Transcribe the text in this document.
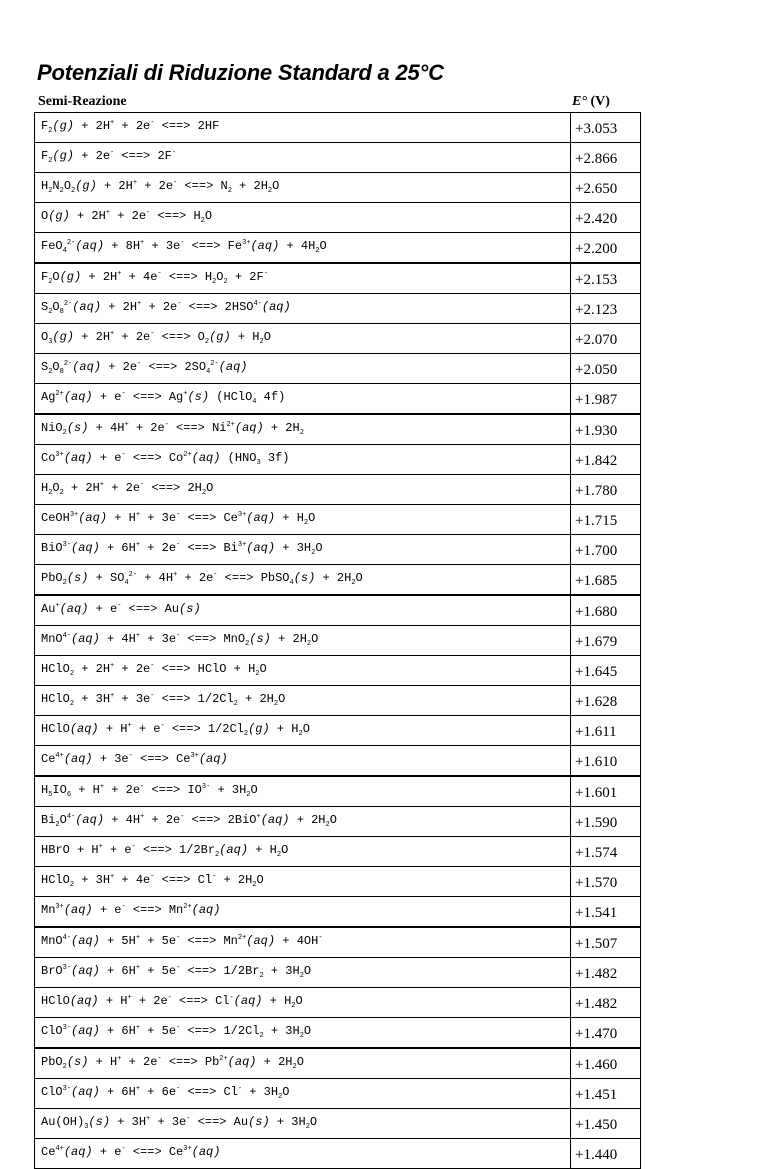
Potenziali di Riduzione Standard a 25°C
Semi-Reazione	E° (V)
$F_2(g) + 2H^+ + 2e^-$ <==> 2HF	+3.053
$F_2(g) + 2e^-$ <==> 2F-	+2.866
$H_2N_2O_2(g) + 2H^+ + 2e^-$ <==> $N_2 + 2H_2O$	+2.650
O(g) + 2H+ + 2e- <==> $H_2O$	+2.420
FeO$_4^{2-}$(aq) + 8H+ + 3e- <==> $Fe^{3+}(aq) + 4H_2O$	+2.200
$F_2O(g) + 2H^+ + 4e^-$ <==> $H_2O_2 + 2F^-$	+2.153
$S_2O_8^{2-}(aq) + 2H^+ + 2e^-$ <==> $2HSO^{4-}(aq)$	+2.123
$O_3(g) + 2H^+ + 2e^-$ <==> $O_2(g) + H_2O$	+2.070
$S_2O_8^{2-}(aq) + 2e^-$ <==> $2SO_4^{2-}(aq)$	+2.050
$Ag^{2+}(aq) + e^-$ <==> Ag+(s) (HClO$_4$ 4f)	+1.987
NiO$_2$(s) + 4H+ + 2e- <==> $Ni^{2+}(aq) + 2H_2$	+1.930
$Co^{3+}(aq) + e^-$ <==> $Co^{2+}(aq)$ ($HNO_3$ 3f)	+1.842
$H_2O_2 + 2H^+ + 2e^-$ <==> $2H_2O$	+1.780
CeOH$^{3+}$(aq) + H+ + 3e- <==> $Ce^{3+}(aq) + H_2O$	+1.715
BiO$^{3-}$(aq) + 6H+ + 2e- <==> $Bi^{3+}(aq) + 3H_2O$	+1.700
$PbO_2(s) + SO_4^{2-} + 4H^+ + 2e^-$ <==> PbSO$_4$(s) + $2H_2O$	+1.685
Au+(aq) + e- <==> Au(s)	+1.680
MnO$^{4-}$(aq) + 4H+ + 3e- <==> $MnO_2(s) + 2H_2O$	+1.679
HClO$_2$ + 2H+ + 2e- <==> HClO + $H_2O$	+1.645
HClO$_2$ + 3H+ + 3e- <==> $1/2Cl_2 + 2H_2O$	+1.628
HClO(aq) + H+ + e- <==> $1/2Cl_2(g) + H_2O$	+1.611
$Ce^{4+}(aq) + 3e^-$ <==> $Ce^{3+}(aq)$	+1.610
$H_5IO_6 + H^+ + 2e^-$ <==> $IO^{3-} + 3H_2O$	+1.601
$Bi_2O^{4-}(aq) + 4H^+ + 2e^-$ <==> $2BiO^+(aq) + 2H_2O$	+1.590
HBrO + H+ + e- <==> $1/2Br_2(aq) + H_2O$	+1.574
HClO$_2$ + 3H+ + 4e- <==> $Cl^- + 2H_2O$	+1.570
$Mn^{3+}(aq) + e^-$ <==> $Mn^{2+}(aq)$	+1.541
MnO$^{4-}$(aq) + 5H+ + 5e- <==> $Mn^{2+}(aq) + 4OH^-$	+1.507
BrO$^{3-}$(aq) + 6H+ + 5e- <==> $1/2Br_2 + 3H_2O$	+1.482
HClO(aq) + H+ + 2e- <==> $Cl^-(aq) + H_2O$	+1.482
ClO$^{3-}$(aq) + 6H+ + 5e- <==> $1/2Cl_2 + 3H_2O$	+1.470
PbO$_2$(s) + H+ + 2e- <==> $Pb^{2+}(aq) + 2H_2O$	+1.460
ClO$^{3-}$(aq) + 6H+ + 6e- <==> $Cl^- + 3H_2O$	+1.451
$Au(OH)_3(s) + 3H^+ + 3e^-$ <==> $Au(s) + 3H_2O$	+1.450
$Ce^{4+}(aq) + e^-$ <==> $Ce^{3+}(aq)$	+1.440
